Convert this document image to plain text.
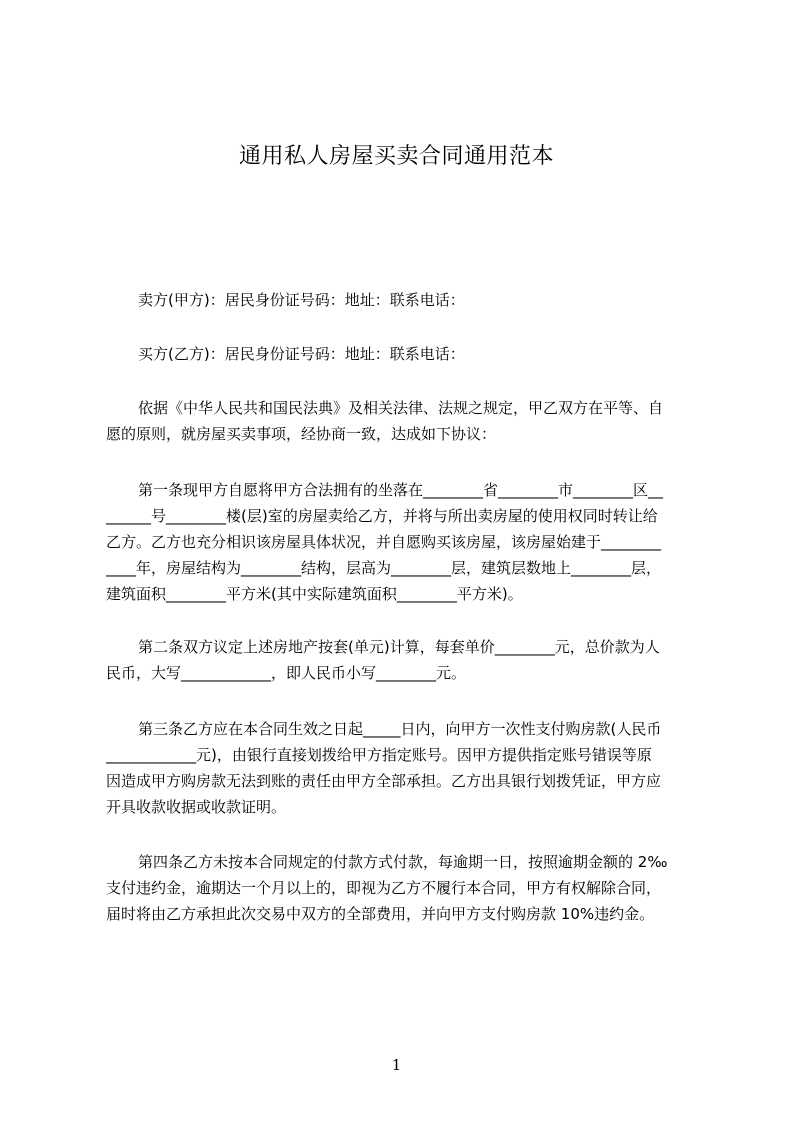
通用私人房屋买卖合同通用范本
卖方(甲方)：居民身份证号码：地址：联系电话：
买方(乙方)：居民身份证号码：地址：联系电话：
依据《中华人民共和国民法典》及相关法律、法规之规定，甲乙双方在平等、自
愿的原则，就房屋买卖事项，经协商一致，达成如下协议：
第一条现甲方自愿将甲方合法拥有的坐落在________省________市________区__
______号________楼(层)室的房屋卖给乙方，并将与所出卖房屋的使用权同时转让给
乙方。乙方也充分相识该房屋具体状况，并自愿购买该房屋，该房屋始建于________
____年，房屋结构为________结构，层高为________层，建筑层数地上________层，
建筑面积________平方米(其中实际建筑面积________平方米)。
第二条双方议定上述房地产按套(单元)计算，每套单价________元，总价款为人
民币，大写____________，即人民币小写________元。
第三条乙方应在本合同生效之日起_____日内，向甲方一次性支付购房款(人民币
____________元)，由银行直接划拨给甲方指定账号。因甲方提供指定账号错误等原
因造成甲方购房款无法到账的责任由甲方全部承担。乙方出具银行划拨凭证，甲方应
开具收款收据或收款证明。
第四条乙方未按本合同规定的付款方式付款，每逾期一日，按照逾期金额的 2‰
支付违约金，逾期达一个月以上的，即视为乙方不履行本合同，甲方有权解除合同，
届时将由乙方承担此次交易中双方的全部费用，并向甲方支付购房款 10%违约金。
1
